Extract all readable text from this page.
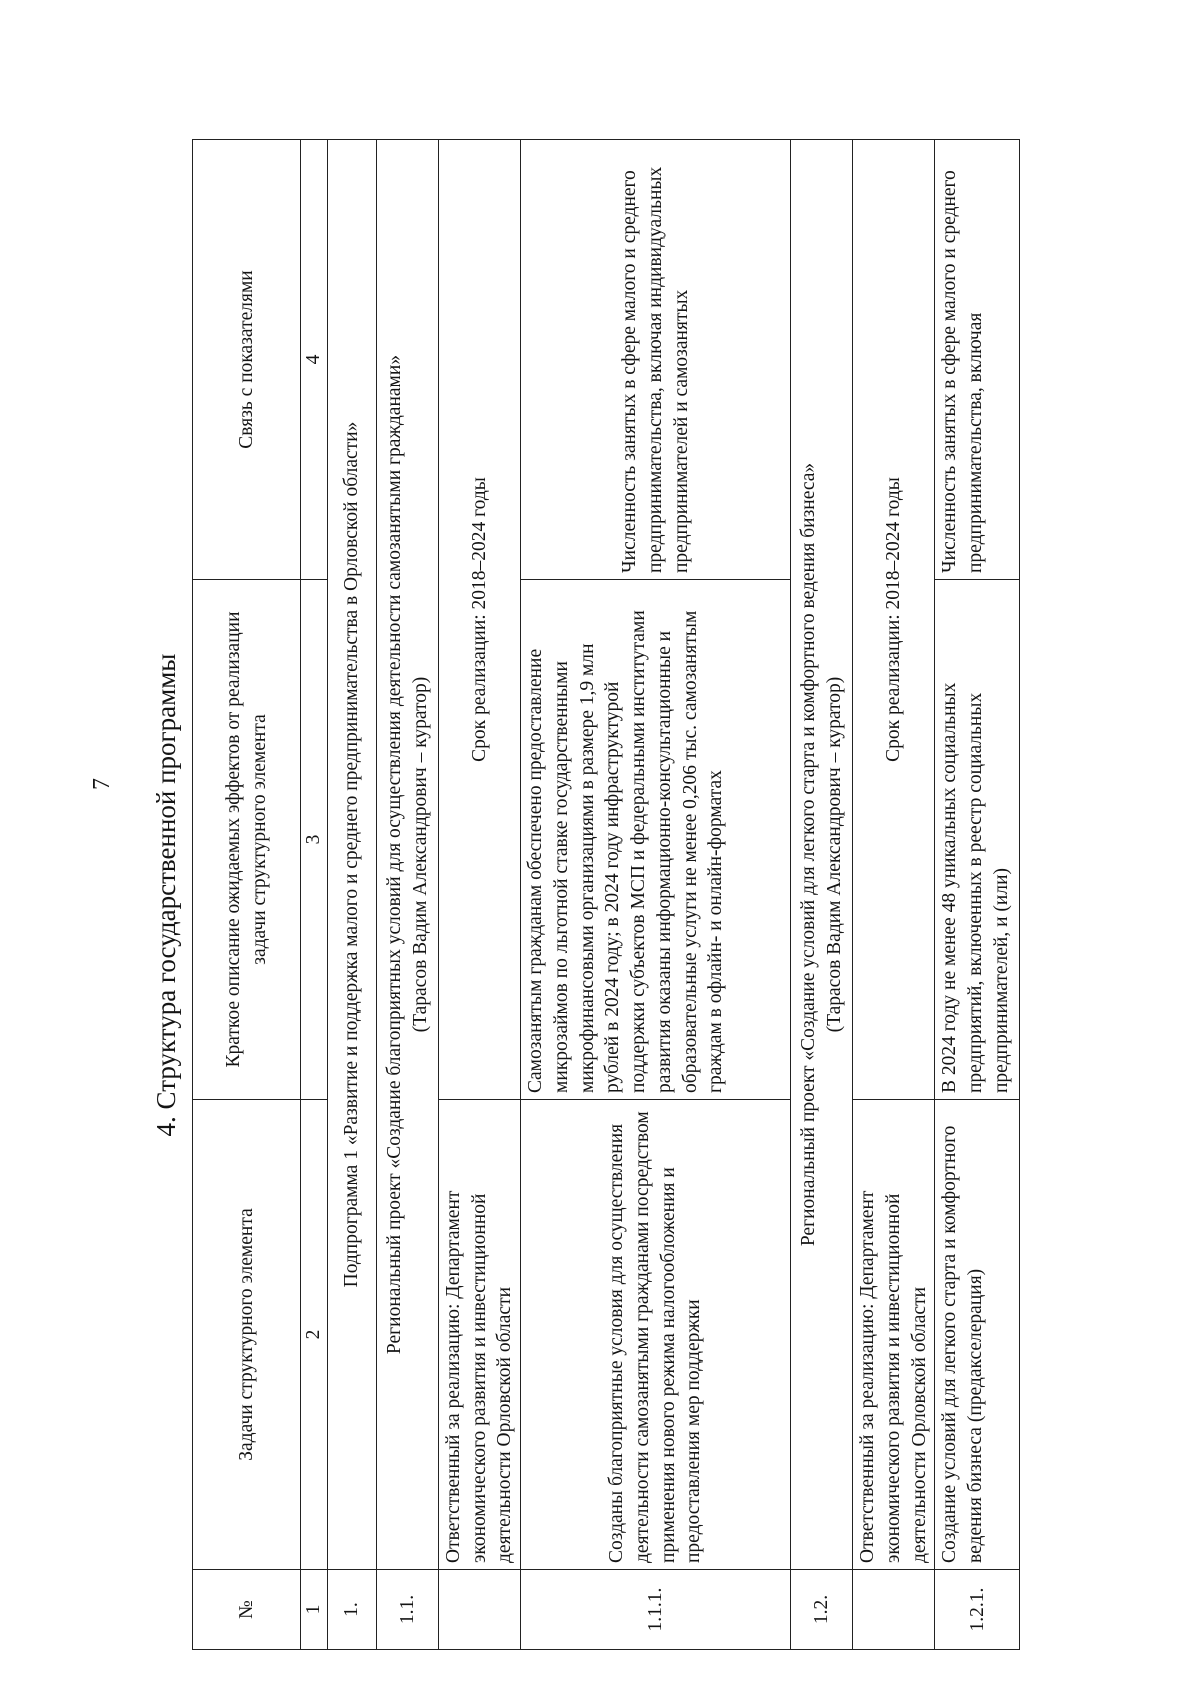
7	4. Структура государственной программы
№	Задачи структурного элемента	Краткое описание ожидаемых эффектов от реализации задачи структурного элемента	Связь с показателями
1	2	3	4
1.	Подпрограмма 1 «Развитие и поддержка малого и среднего предпринимательства в Орловской области»		
1.1.	Региональный проект «Создание благоприятных условий для осуществления деятельности самозанятыми гражданами» (Тарасов Вадим Александрович – куратор)		

	Ответственный за реализацию: Департамент экономического развития и инвестиционной деятельности Орловской области	Срок реализации: 2018–2024 годы	
1.1.1.	Созданы благоприятные условия для осуществления деятельности самозанятыми гражданами посредством применения нового режима налогообложения и предоставления мер поддержки	Самозанятым гражданам обеспечено предоставление микрозаймов по льготной ставке государственными микрофинансовыми организациями в размере 1,9 млн рублей в 2024 году; в 2024 году инфраструктурой поддержки субъектов МСП и федеральными институтами развития оказаны информационно-консультационные и образовательные услуги не менее 0,206 тыс. самозанятым граждам в офлайн- и онлайн-форматах	Численность занятых в сфере малого и среднего предпринимательства, включая индивидуальных предпринимателей и самозанятых
1.2.	Региональный проект «Создание условий для легкого старта и комфортного ведения бизнеса» (Тарасов Вадим Александрович – куратор)		

	Ответственный за реализацию: Департамент экономического развития и инвестиционной деятельности Орловской области	Срок реализации: 2018–2024 годы	
1.2.1.	Создание условий для легкого старта и комфортного ведения бизнеса (предакселерация)	В 2024 году не менее 48 уникальных социальных предприятий, включенных в реестр социальных предпринимателей, и (или)	Численность занятых в сфере малого и среднего предпринимательства, включая
